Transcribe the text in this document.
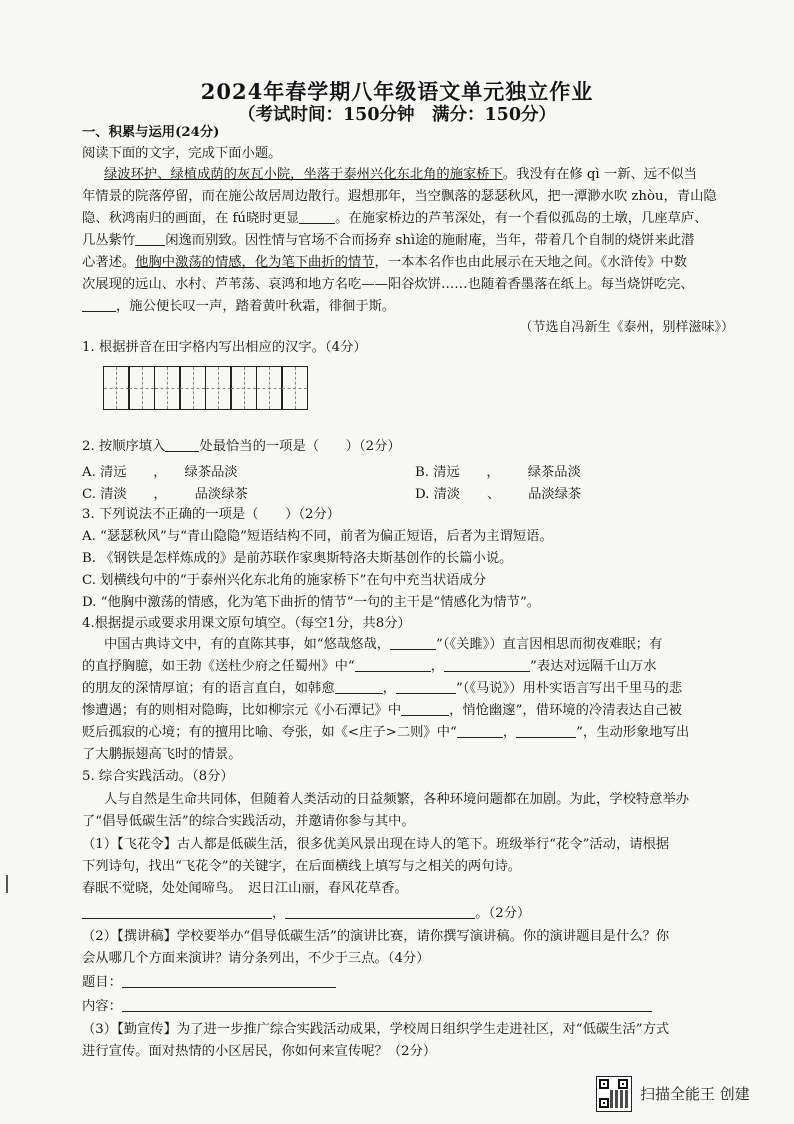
2024年春学期八年级语文单元独立作业
（考试时间：150分钟　满分：150分）
一、积累与运用(24分)
阅读下面的文字，完成下面小题。
绿波环护、绿植成荫的灰瓦小院，坐落于泰州兴化东北角的施家桥下。我没有在修 qì 一新、远不似当
年情景的院落停留，而在施公故居周边散行。遐想那年，当空飘落的瑟瑟秋风，把一潭渺水吹 zhòu，青山隐
隐、秋鸿南归的画面，在 fú晓时更显	。在施家桥边的芦苇深处，有一个看似孤岛的土墩，几座草庐、
几丛紫竹 闲逸而别致。因性情与官场不合而扬弃 shì途的施耐庵，当年，带着几个自制的烧饼来此潜
心著述。他胸中激荡的情感，化为笔下曲折的情节，一本本名作也由此展示在天地之间。《水浒传》中数
次展现的远山、水村、芦苇荡、哀鸿和地方名吃——阳谷炊饼……也随着香墨落在纸上。每当烧饼吃完、
，施公便长叹一声，踏着黄叶秋霜，徘徊于斯。
（节选自冯新生《泰州，别样滋味》）
1. 根据拼音在田字格内写出相应的汉字。（4分）
2. 按顺序填入	处最恰当的一项是（　　）（2分）
A. 清远　　， 绿茶品淡	B. 清远　　， 绿茶品淡
C. 清淡　　， 品淡绿茶	D. 清淡　　、 品淡绿茶
3. 下列说法不正确的一项是（　　）（2分）
A. “瑟瑟秋风”与“青山隐隐”短语结构不同，前者为偏正短语，后者为主谓短语。
B. 《钢铁是怎样炼成的》是前苏联作家奥斯特洛夫斯基创作的长篇小说。
C. 划横线句中的“于泰州兴化东北角的施家桥下”在句中充当状语成分
D. “他胸中激荡的情感，化为笔下曲折的情节”一句的主干是“情感化为情节”。
4.根据提示或要求用课文原句填空。（每空1分，共8分）
中国古典诗文中，有的直陈其事，如“悠哉悠哉，	”（《关雎》）直言因相思而彻夜难眠；有
的直抒胸臆，如王勃《送杜少府之任蜀州》中“	，	”表达对远隔千山万水
的朋友的深情厚谊；有的语言直白，如韩愈	，	”（《马说》）用朴实语言写出千里马的悲
惨遭遇；有的则相对隐晦，比如柳宗元《小石潭记》中	，悄怆幽邃”，借环境的冷清表达自己被
贬后孤寂的心境；有的擅用比喻、夸张，如《<庄子>二则》中“	，	”，生动形象地写出
了大鹏振翅高飞时的情景。
5. 综合实践活动。（8分）
人与自然是生命共同体，但随着人类活动的日益频繁，各种环境问题都在加剧。为此，学校特意举办
了“倡导低碳生活”的综合实践活动，并邀请你参与其中。
（1）【飞花令】古人都是低碳生活，很多优美风景出现在诗人的笔下。班级举行“花令”活动，请根据
下列诗句，找出“飞花令”的关键字，在后面横线上填写与之相关的两句诗。
春眠不觉晓，处处闻啼鸟。　迟日江山丽，春风花草香。
，	。（2分）
（2）【撰讲稿】学校要举办“倡导低碳生活”的演讲比赛，请你撰写演讲稿。你的演讲题目是什么？你
会从哪几个方面来演讲？请分条列出，不少于三点。（4分）
题目：
内容：
（3）【勤宣传】为了进一步推广综合实践活动成果，学校周日组织学生走进社区，对“低碳生活”方式
进行宣传。面对热情的小区居民，你如何来宣传呢？（2分）
扫描全能王 创建
